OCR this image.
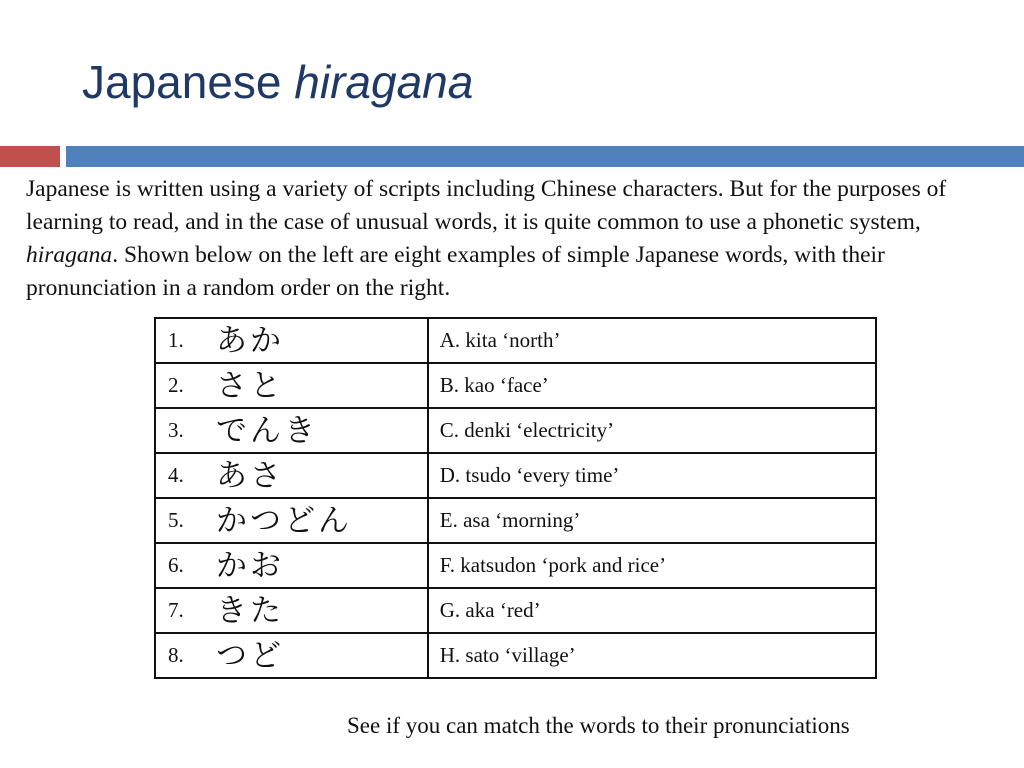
Japanese hiragana
Japanese is written using a variety of scripts including Chinese characters. But for the purposes of learning to read, and in the case of unusual words, it is quite common to use a phonetic system, hiragana. Shown below on the left are eight examples of simple Japanese words, with their pronunciation in a random order on the right.
1. あか	A. kita ‘north’
2. さと	B. kao ‘face’
3. でんき	C. denki ‘electricity’
4. あさ	D. tsudo ‘every time’
5. かつどん	E. asa ‘morning’
6. かお	F. katsudon ‘pork and rice’
7. きた	G. aka ‘red’
8. つど	H. sato ‘village’
See if you can match the words to their pronunciations
